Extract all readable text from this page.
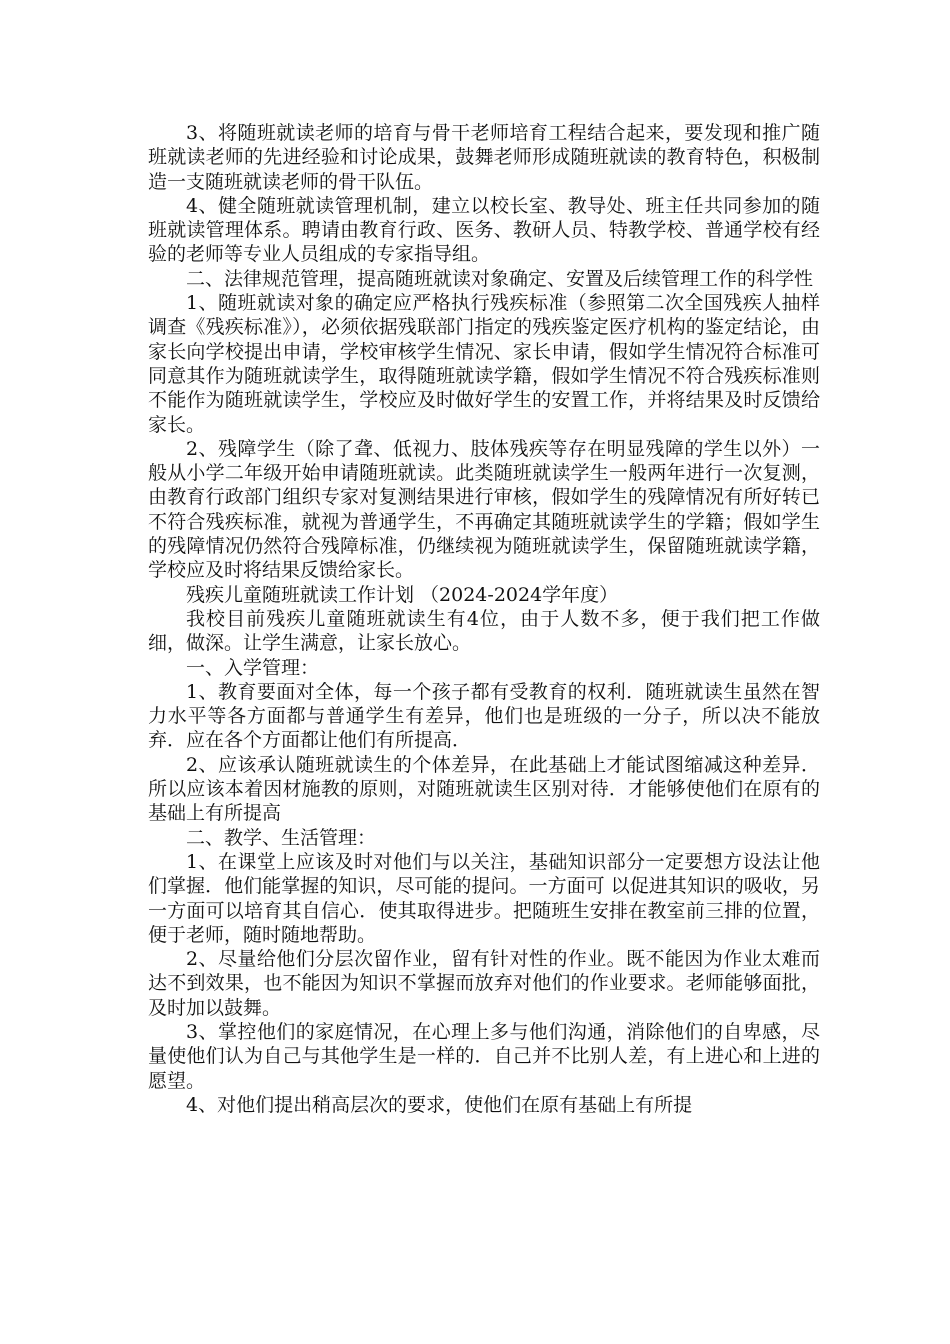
3、将随班就读老师的培育与骨干老师培育工程结合起来，要发现和推广随班就读老师的先进经验和讨论成果，鼓舞老师形成随班就读的教育特色，积极制造一支随班就读老师的骨干队伍。

4、健全随班就读管理机制，建立以校长室、教导处、班主任共同参加的随班就读管理体系。聘请由教育行政、医务、教研人员、特教学校、普通学校有经验的老师等专业人员组成的专家指导组。

二、法律规范管理，提高随班就读对象确定、安置及后续管理工作的科学性

1、随班就读对象的确定应严格执行残疾标准（参照第二次全国残疾人抽样调查《残疾标准》），必须依据残联部门指定的残疾鉴定医疗机构的鉴定结论，由家长向学校提出申请，学校审核学生情况、家长申请，假如学生情况符合标准可同意其作为随班就读学生，取得随班就读学籍，假如学生情况不符合残疾标准则不能作为随班就读学生，学校应及时做好学生的安置工作，并将结果及时反馈给家长。

2、残障学生（除了聋、低视力、肢体残疾等存在明显残障的学生以外）一般从小学二年级开始申请随班就读。此类随班就读学生一般两年进行一次复测，由教育行政部门组织专家对复测结果进行审核，假如学生的残障情况有所好转已不符合残疾标准，就视为普通学生，不再确定其随班就读学生的学籍；假如学生的残障情况仍然符合残障标准，仍继续视为随班就读学生，保留随班就读学籍，学校应及时将结果反馈给家长。

残疾儿童随班就读工作计划 （2024-2024学年度）

我校目前残疾儿童随班就读生有4位，由于人数不多，便于我们把工作做细，做深。让学生满意，让家长放心。

一、入学管理：

1、教育要面对全体，每一个孩子都有受教育的权利．随班就读生虽然在智力水平等各方面都与普通学生有差异，他们也是班级的一分子，所以决不能放弃．应在各个方面都让他们有所提高．

2、应该承认随班就读生的个体差异，在此基础上才能试图缩减这种差异．所以应该本着因材施教的原则，对随班就读生区别对待．才能够使他们在原有的基础上有所提高

二、教学、生活管理：

1、在课堂上应该及时对他们与以关注，基础知识部分一定要想方设法让他们掌握．他们能掌握的知识，尽可能的提问。一方面可 以促进其知识的吸收，另一方面可以培育其自信心．使其取得进步。把随班生安排在教室前三排的位置，便于老师，随时随地帮助。

2、尽量给他们分层次留作业，留有针对性的作业。既不能因为作业太难而达不到效果，也不能因为知识不掌握而放弃对他们的作业要求。老师能够面批，及时加以鼓舞。

3、掌控他们的家庭情况，在心理上多与他们沟通，消除他们的自卑感，尽量使他们认为自己与其他学生是一样的．自己并不比别人差，有上进心和上进的愿望。

4、对他们提出稍高层次的要求，使他们在原有基础上有所提
